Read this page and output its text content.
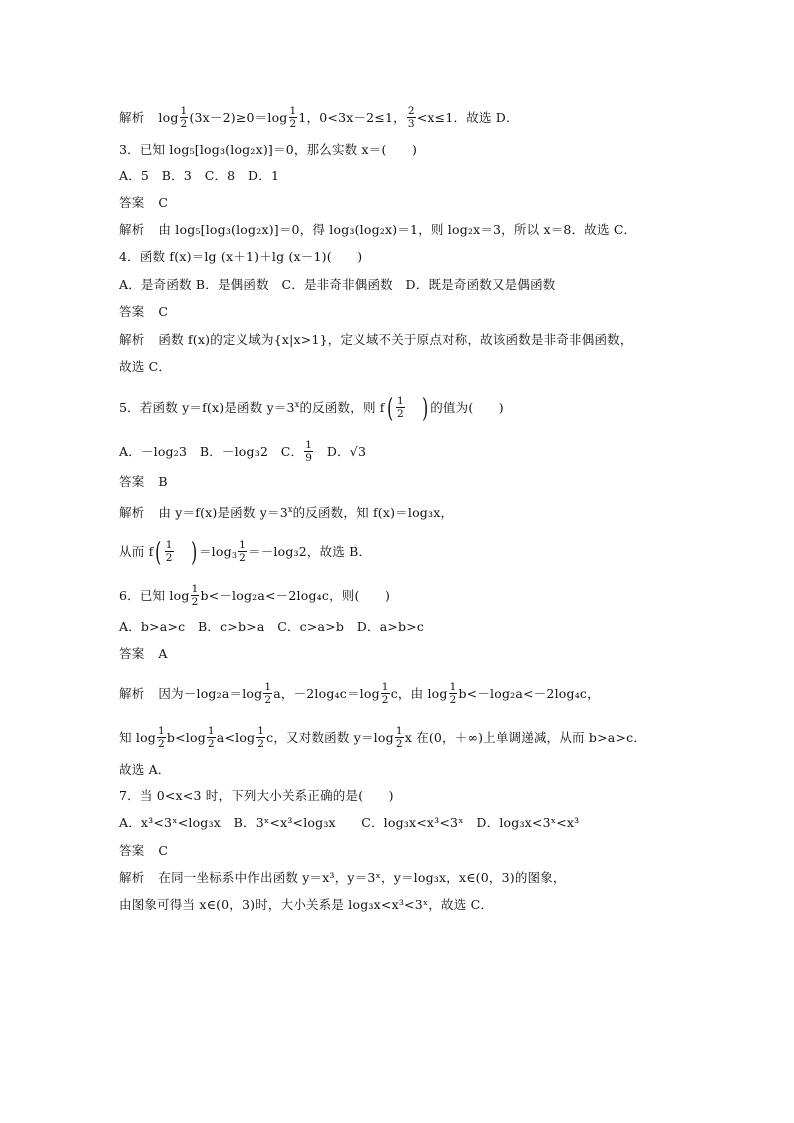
解析 $\log \frac{1}{2} (3x-2)\ge 0=\log \frac{1}{2} 1$，0<3x－2≤1， $\frac{2}{3} <x\le 1$．故选 D．
3．已知 log₅[log₃(log₂x)]＝0，那么实数 x＝(　　)
A．5　B．3　C．8　D．1
答案 C
解析 由 log₅[log₃(log₂x)]＝0，得 log₃(log₂x)＝1，则 log₂x＝3，所以 x＝8．故选 C．
4．函数 f(x)＝lg (x＋1)＋lg (x－1)(　　)
A．是奇函数 B．是偶函数　C．是非奇非偶函数　D．既是奇函数又是偶函数
答案 C
解析 函数 f(x)的定义域为{x|x>1}，定义域不关于原点对称，故该函数是非奇非偶函数，
故选 C．
5．若函数 y＝f(x)是函数 $y=3^x$的反函数，则 $f( \frac{1}{2}$ ) 的值为(　　)
A．－log₂3　B．－log₃2　C． $\frac{1}{9}$ 　D．√3
答案 B
解析 由 y＝f(x)是函数 $y=3^x$的反函数，知 f(x)＝log₃x，
从而 $f( \frac{1}{2}$ ) $=\log_3 \frac{1}{2} =-\log_32$，故选 B．
6．已知 $\log \frac{1}{2} b<-\log_2a<-2\log_4c$，则(　　)
A．b>a>c　B．c>b>a　C．c>a>b　D．a>b>c
答案 A
解析 因为$-\log_2a=\log \frac{1}{2}$ a，$-2\log_4c=\log \frac{1}{2}$ c，由 $\log \frac{1}{2} b<-\log_2a<-2\log_4c$，
知 $\log \frac{1}{2} b<\log \frac{1}{2} a<\log \frac{1}{2}$ c，又对数函数 $y=\log \frac{1}{2}$ x 在(0，＋∞)上单调递减，从而 b>a>c．
故选 A．
7．当 0<x<3 时，下列大小关系正确的是(　　)
A．x³<3ˣ<log₃x　B．3ˣ<x³<log₃x　　C．log₃x<x³<3ˣ　D．log₃x<3ˣ<x³
答案 C
解析 在同一坐标系中作出函数 y＝x³，y＝3ˣ，y＝log₃x，x∈(0，3)的图象，
由图象可得当 x∈(0，3)时，大小关系是 log₃x<x³<3ˣ，故选 C．
